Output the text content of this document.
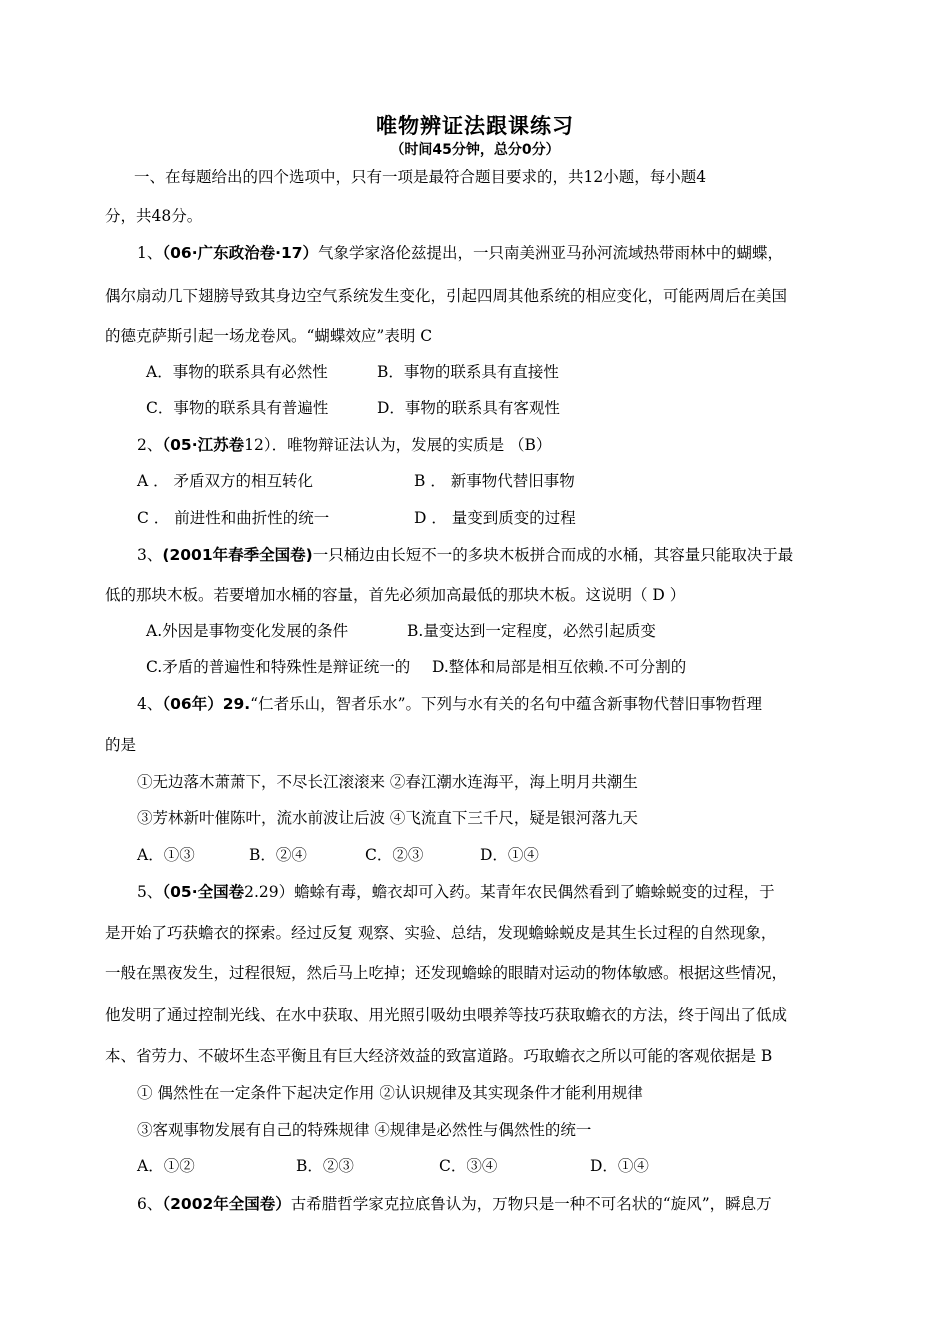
唯物辨证法跟课练习
（时间45分钟，总分0分）
一、在每题给出的四个选项中，只有一项是最符合题目要求的，共12小题，每小题4
分，共48分。
1、（06·广东政治卷·17）气象学家洛伦兹提出，一只南美洲亚马孙河流域热带雨林中的蝴蝶，
偶尔扇动几下翅膀导致其身边空气系统发生变化，引起四周其他系统的相应变化，可能两周后在美国
的德克萨斯引起一场龙卷风。“蝴蝶效应”表明 C
A．事物的联系具有必然性	B．事物的联系具有直接性
C．事物的联系具有普遍性	D．事物的联系具有客观性
2、（05·江苏卷12）．唯物辩证法认为，发展的实质是 （B）
A ． 矛盾双方的相互转化	B ． 新事物代替旧事物
C ． 前进性和曲折性的统一	D ． 量变到质变的过程
3、(2001年春季全国卷)一只桶边由长短不一的多块木板拼合而成的水桶，其容量只能取决于最
低的那块木板。若要增加水桶的容量，首先必须加高最低的那块木板。这说明（ D ）
A.外因是事物变化发展的条件	B.量变达到一定程度，必然引起质变
C.矛盾的普遍性和特殊性是辩证统一的 D.整体和局部是相互依赖.不可分割的
4、（06年）29.“仁者乐山，智者乐水”。下列与水有关的名句中蕴含新事物代替旧事物哲理
的是
①无边落木萧萧下，不尽长江滚滚来 ②春江潮水连海平，海上明月共潮生
③芳林新叶催陈叶，流水前波让后波 ④飞流直下三千尺，疑是银河落九天
A．①③	B．②④	C．②③	D．①④
5、（05·全国卷2.29）蟾蜍有毒，蟾衣却可入药。某青年农民偶然看到了蟾蜍蜕变的过程，于
是开始了巧获蟾衣的探索。经过反复 观察、实验、总结，发现蟾蜍蜕皮是其生长过程的自然现象，
一般在黑夜发生，过程很短，然后马上吃掉；还发现蟾蜍的眼睛对运动的物体敏感。根据这些情况，
他发明了通过控制光线、在水中获取、用光照引吸幼虫喂养等技巧获取蟾衣的方法，终于闯出了低成
本、省劳力、不破坏生态平衡且有巨大经济效益的致富道路。巧取蟾衣之所以可能的客观依据是 B
① 偶然性在一定条件下起决定作用 ②认识规律及其实现条件才能利用规律
③客观事物发展有自己的特殊规律 ④规律是必然性与偶然性的统一
A．①②	B．②③	C．③④	D．①④
6、（2002年全国卷）古希腊哲学家克拉底鲁认为，万物只是一种不可名状的“旋风”，瞬息万
